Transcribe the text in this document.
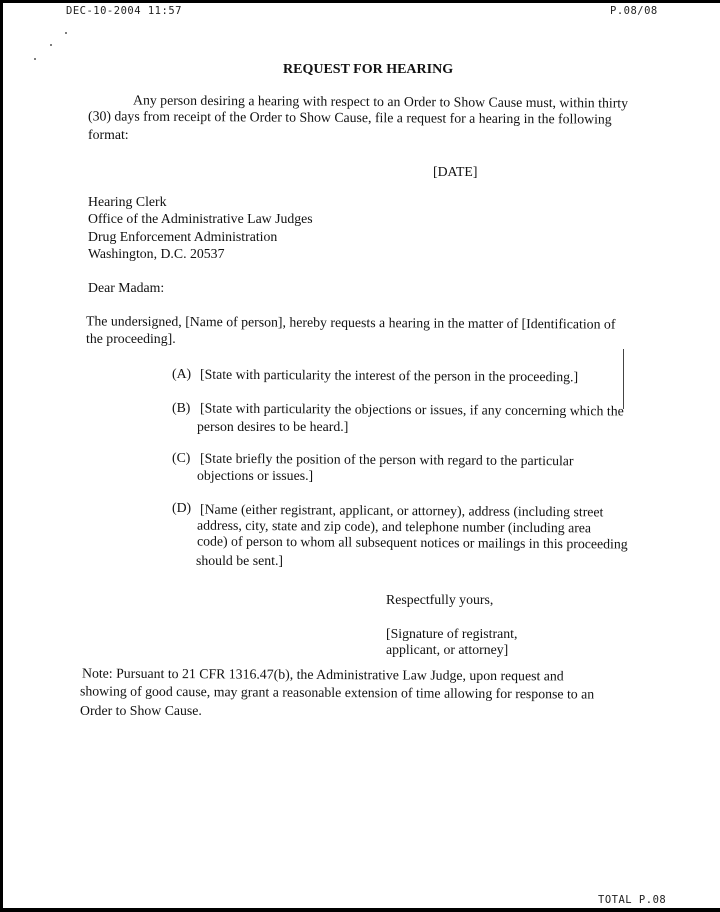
DEC-10-2004 11:57	P.08/08
REQUEST FOR HEARING
Any person desiring a hearing with respect to an Order to Show Cause must, within thirty
(30) days from receipt of the Order to Show Cause, file a request for a hearing in the following
format:
[DATE]
Hearing Clerk
Office of the Administrative Law Judges
Drug Enforcement Administration
Washington, D.C. 20537
Dear Madam:
The undersigned, [Name of person], hereby requests a hearing in the matter of [Identification of
the proceeding].
(A) [State with particularity the interest of the person in the proceeding.]
(B) [State with particularity the objections or issues, if any concerning which the
person desires to be heard.]
(C) [State briefly the position of the person with regard to the particular
objections or issues.]
(D) [Name (either registrant, applicant, or attorney), address (including street
address, city, state and zip code), and telephone number (including area
code) of person to whom all subsequent notices or mailings in this proceeding
should be sent.]
Respectfully yours,
[Signature of registrant,
applicant, or attorney]
Note: Pursuant to 21 CFR 1316.47(b), the Administrative Law Judge, upon request and
showing of good cause, may grant a reasonable extension of time allowing for response to an
Order to Show Cause.
TOTAL P.08
